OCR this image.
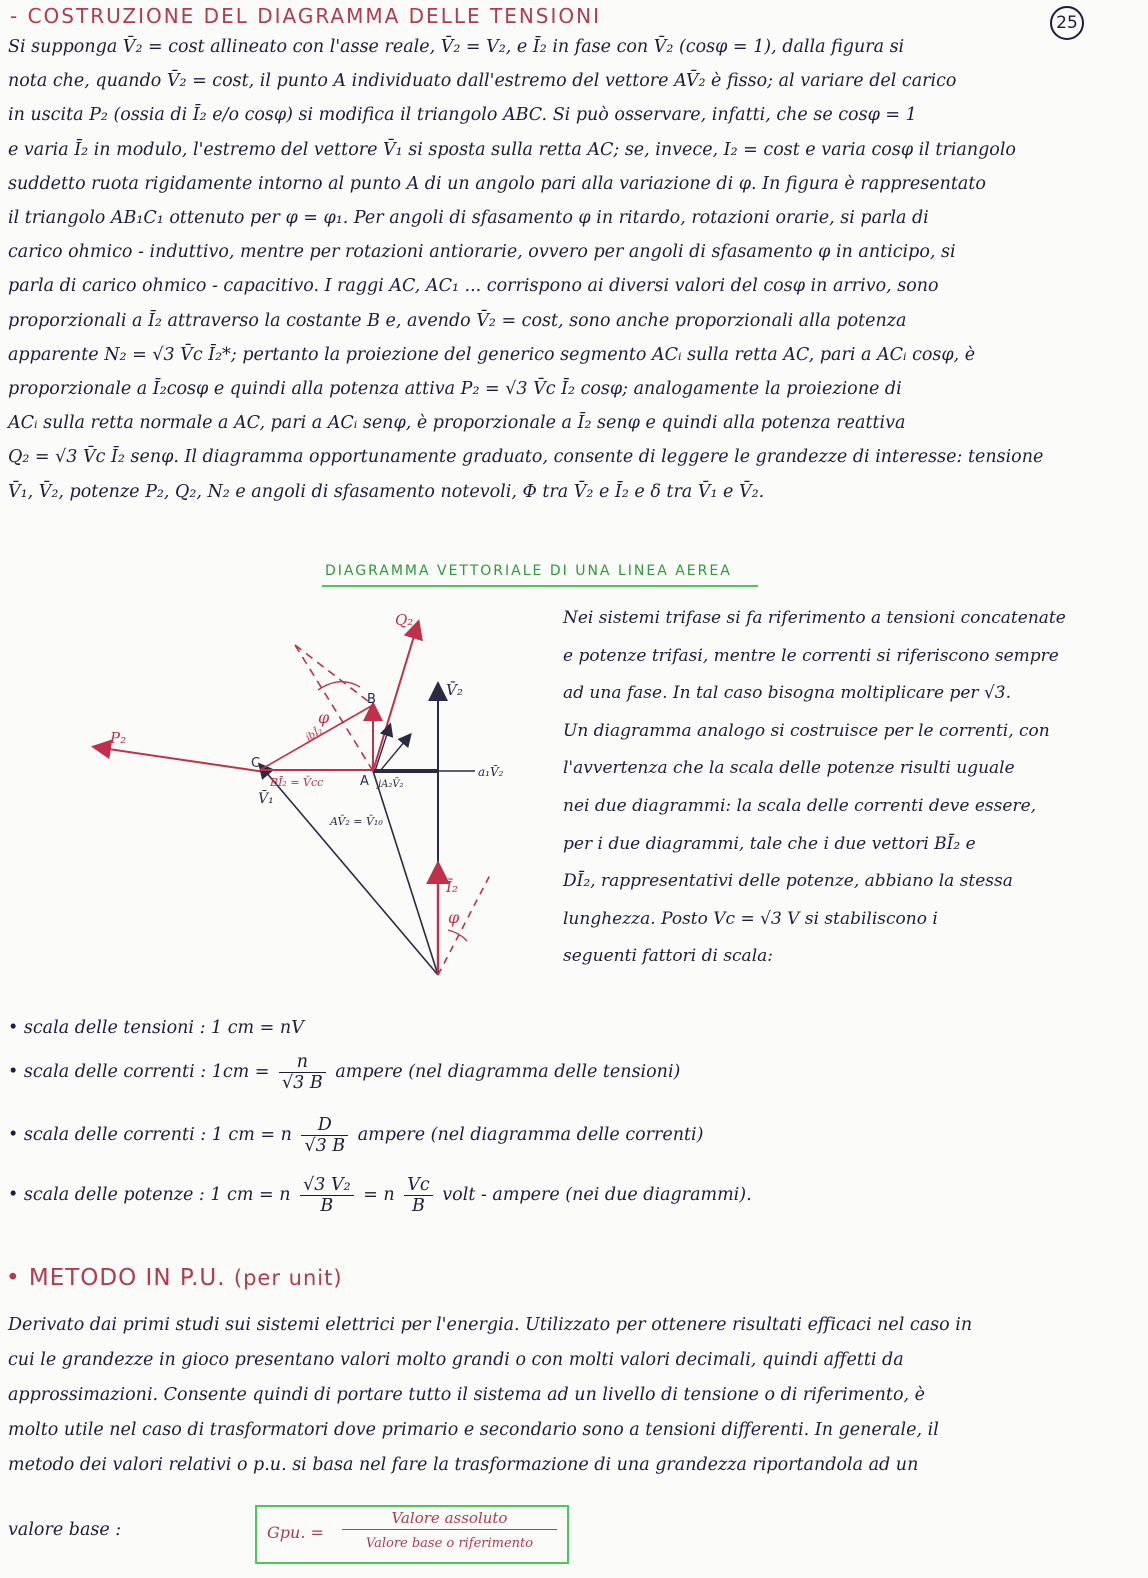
- COSTRUZIONE DEL DIAGRAMMA DELLE TENSIONI	25
Si supponga V̄₂ = cost allineato con l'asse reale, V̄₂ = V₂, e Ī₂ in fase con V̄₂ (cosφ = 1), dalla figura si
nota che, quando V̄₂ = cost, il punto A individuato dall'estremo del vettore AV̄₂ è fisso; al variare del carico
in uscita P₂ (ossia di Ī₂ e/o cosφ) si modifica il triangolo ABC. Si può osservare, infatti, che se cosφ = 1
e varia Ī₂ in modulo, l'estremo del vettore V̄₁ si sposta sulla retta AC; se, invece, I₂ = cost e varia cosφ il triangolo
suddetto ruota rigidamente intorno al punto A di un angolo pari alla variazione di φ. In figura è rappresentato
il triangolo AB₁C₁ ottenuto per φ = φ₁. Per angoli di sfasamento φ in ritardo, rotazioni orarie, si parla di
carico ohmico - induttivo, mentre per rotazioni antiorarie, ovvero per angoli di sfasamento φ in anticipo, si
parla di carico ohmico - capacitivo. I raggi AC, AC₁ ... corrispono ai diversi valori del cosφ in arrivo, sono
proporzionali a Ī₂ attraverso la costante B e, avendo V̄₂ = cost, sono anche proporzionali alla potenza
apparente N₂ = √3 V̄c Ī₂*; pertanto la proiezione del generico segmento ACᵢ sulla retta AC, pari a ACᵢ cosφ, è
proporzionale a Ī₂cosφ e quindi alla potenza attiva P₂ = √3 V̄c Ī₂ cosφ; analogamente la proiezione di
ACᵢ sulla retta normale a AC, pari a ACᵢ senφ, è proporzionale a Ī₂ senφ e quindi alla potenza reattiva
Q₂ = √3 V̄c Ī₂ senφ. Il diagramma opportunamente graduato, consente di leggere le grandezze di interesse: tensione
V̄₁, V̄₂, potenze P₂, Q₂, N₂ e angoli di sfasamento notevoli, Φ tra V̄₂ e Ī₂ e δ tra V̄₁ e V̄₂.
DIAGRAMMA VETTORIALE DI UNA LINEA AEREA
Q₂
P₂
V̄₂
V̄₁
a₁V̄₂
Ī₂
φ
φ
C
A
B
BĪ₂ = V̄cc
jbĪ₂
jA₂V̄₂
AV̄₂ = V̄₁₀
Nei sistemi trifase si fa riferimento a tensioni concatenate
e potenze trifasi, mentre le correnti si riferiscono sempre
ad una fase. In tal caso bisogna moltiplicare per √3.
Un diagramma analogo si costruisce per le correnti, con
l'avvertenza che la scala delle potenze risulti uguale
nei due diagrammi: la scala delle correnti deve essere,
per i due diagrammi, tale che i due vettori BĪ₂ e
DĪ₂, rappresentativi delle potenze, abbiano la stessa
lunghezza. Posto Vc = √3 V si stabiliscono i
seguenti fattori di scala:
• scala delle tensioni : 1 cm = nV
• scala delle correnti : $1cm = \frac{n}{√3 B}$ ampere (nel diagramma delle tensioni)
• scala delle correnti : 1 cm = n $\frac{D}{√3 B}$ ampere (nel diagramma delle correnti)
• scala delle potenze : 1 cm = n $\frac{\text{√3 V₂}}{B} = n \frac{Vc}{B}$ volt - ampere (nei due diagrammi).
• METODO IN P.U. (per unit)
Derivato dai primi studi sui sistemi elettrici per l'energia. Utilizzato per ottenere risultati efficaci nel caso in
cui le grandezze in gioco presentano valori molto grandi o con molti valori decimali, quindi affetti da
approssimazioni. Consente quindi di portare tutto il sistema ad un livello di tensione o di riferimento, è
molto utile nel caso di trasformatori dove primario e secondario sono a tensioni differenti. In generale, il
metodo dei valori relativi o p.u. si basa nel fare la trasformazione di una grandezza riportandola ad un
valore base :	Gpu. =
Valore assoluto
Valore base o riferimento
